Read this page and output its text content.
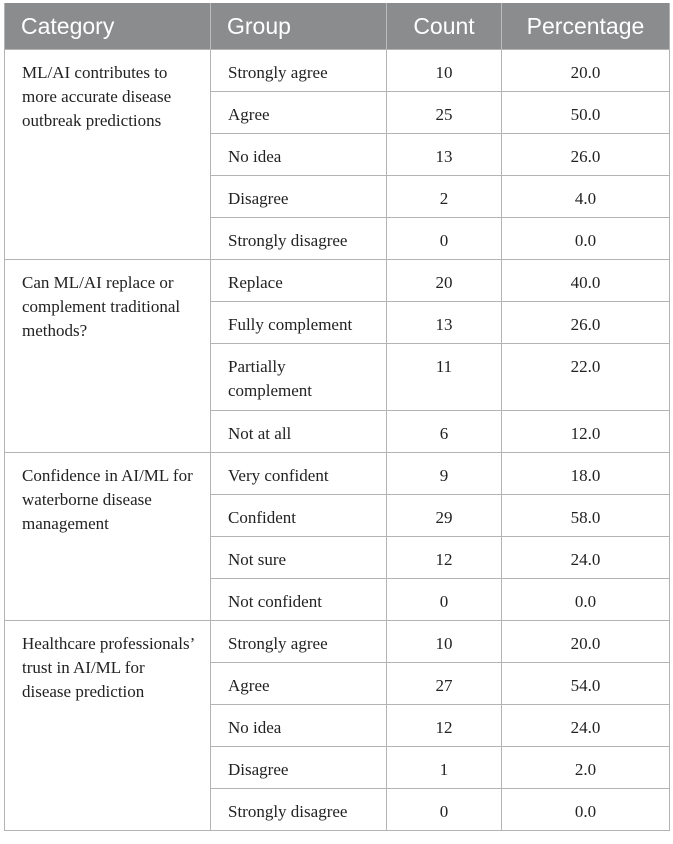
Category	Group	Count	Percentage
ML/AI contributes to more accurate disease outbreak predictions	Strongly agree	10	20.0
	Agree	25	50.0
	No idea	13	26.0
	Disagree	2	4.0
	Strongly disagree	0	0.0
Can ML/AI replace or complement traditional methods?	Replace	20	40.0
	Fully complement	13	26.0
	Partially complement	11	22.0
	Not at all	6	12.0
Confidence in AI/ML for waterborne disease management	Very confident	9	18.0
	Confident	29	58.0
	Not sure	12	24.0
	Not confident	0	0.0
Healthcare professionals’ trust in AI/ML for disease prediction	Strongly agree	10	20.0
	Agree	27	54.0
	No idea	12	24.0
	Disagree	1	2.0
	Strongly disagree	0	0.0
